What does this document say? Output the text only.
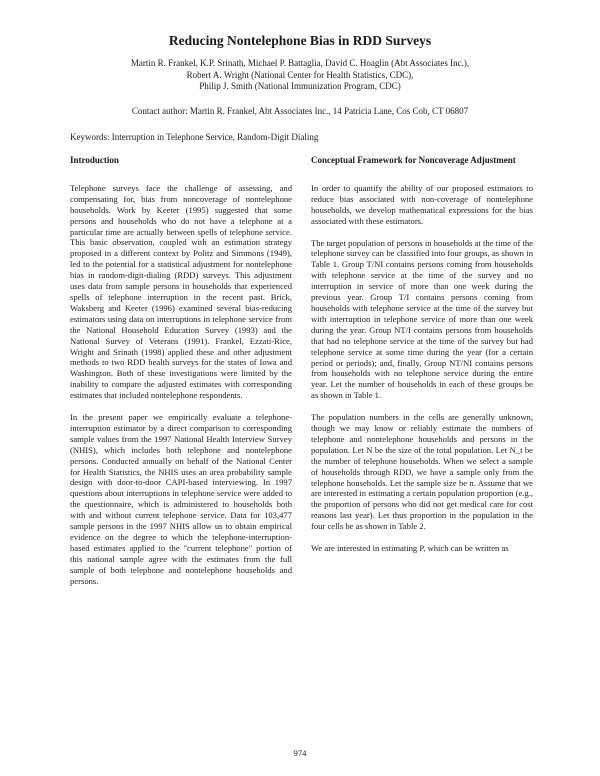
Reducing Nontelephone Bias in RDD Surveys
Martin R. Frankel, K.P. Srinath, Michael P. Battaglia, David C. Hoaglin (Abt Associates Inc.),
Robert A. Wright (National Center for Health Statistics, CDC),
Philip J. Smith (National Immunization Program, CDC)
Contact author: Martin R. Frankel, Abt Associates Inc., 14 Patricia Lane, Cos Cob, CT 06807
Keywords: Interruption in Telephone Service, Random-Digit Dialing
Introduction

Telephone surveys face the challenge of assessing, and compensating for, bias from noncoverage of nontelephone households. Work by Keeter (1995) suggested that some persons and households who do not have a telephone at a particular time are actually between spells of telephone service. This basic observation, coupled with an estimation strategy proposed in a different context by Politz and Simmons (1949), led to the potential for a statistical adjustment for nontelephone bias in random-digit-dialing (RDD) surveys. This adjustment uses data from sample persons in households that experienced spells of telephone interruption in the recent past. Brick, Waksberg and Keeter (1996) examined several bias-reducing estimators using data on interruptions in telephone service from the National Household Education Survey (1993) and the National Survey of Veterans (1991). Frankel, Ezzati-Rice, Wright and Srinath (1998) applied these and other adjustment methods to two RDD health surveys for the states of Iowa and Washington. Both of these investigations were limited by the inability to compare the adjusted estimates with corresponding estimates that included nontelephone respondents.

In the present paper we empirically evaluate a telephone-interruption estimator by a direct comparison to corresponding sample values from the 1997 National Health Interview Survey (NHIS), which includes both telephone and nontelephone persons. Conducted annually on behalf of the National Center for Health Statistics, the NHIS uses an area probability sample design with door-to-door CAPI-based interviewing. In 1997 questions about interruptions in telephone service were added to the questionnaire, which is administered to households both with and without current telephone service. Data for 103,477 sample persons in the 1997 NHIS allow us to obtain empirical evidence on the degree to which the telephone-interruption-based estimates applied to the "current telephone" portion of this national sample agree with the estimates from the full sample of both telephone and nontelephone households and persons.

Conceptual Framework for Noncoverage Adjustment

In order to quantify the ability of our proposed estimators to reduce bias associated with non-coverage of nontelephone households, we develop mathematical expressions for the bias associated with these estimators.

The target population of persons in households at the time of the telephone survey can be classified into four groups, as shown in Table 1. Group T/NI contains persons coming from households with telephone service at the time of the survey and no interruption in service of more than one week during the previous year. Group T/I contains persons coming from households with telephone service at the time of the survey but with interruption in telephone service of more than one week during the year. Group NT/I contains persons from households that had no telephone service at the time of the survey but had telephone service at some time during the year (for a certain period or periods); and, finally, Group NT/NI contains persons from households with no telephone service during the entire year. Let the number of households in each of these groups be as shown in Table 1.

The population numbers in the cells are generally unknown, though we may know or reliably estimate the numbers of telephone and nontelephone households and persons in the population. Let N be the size of the total population. Let N_t be the number of telephone households. When we select a sample of households through RDD, we have a sample only from the telephone households. Let the sample size be n. Assume that we are interested in estimating a certain population proportion (e.g., the proportion of persons who did not get medical care for cost reasons last year). Let thus proportion in the population in the four cells be as shown in Table 2.

We are interested in estimating P, which can be written as

974
